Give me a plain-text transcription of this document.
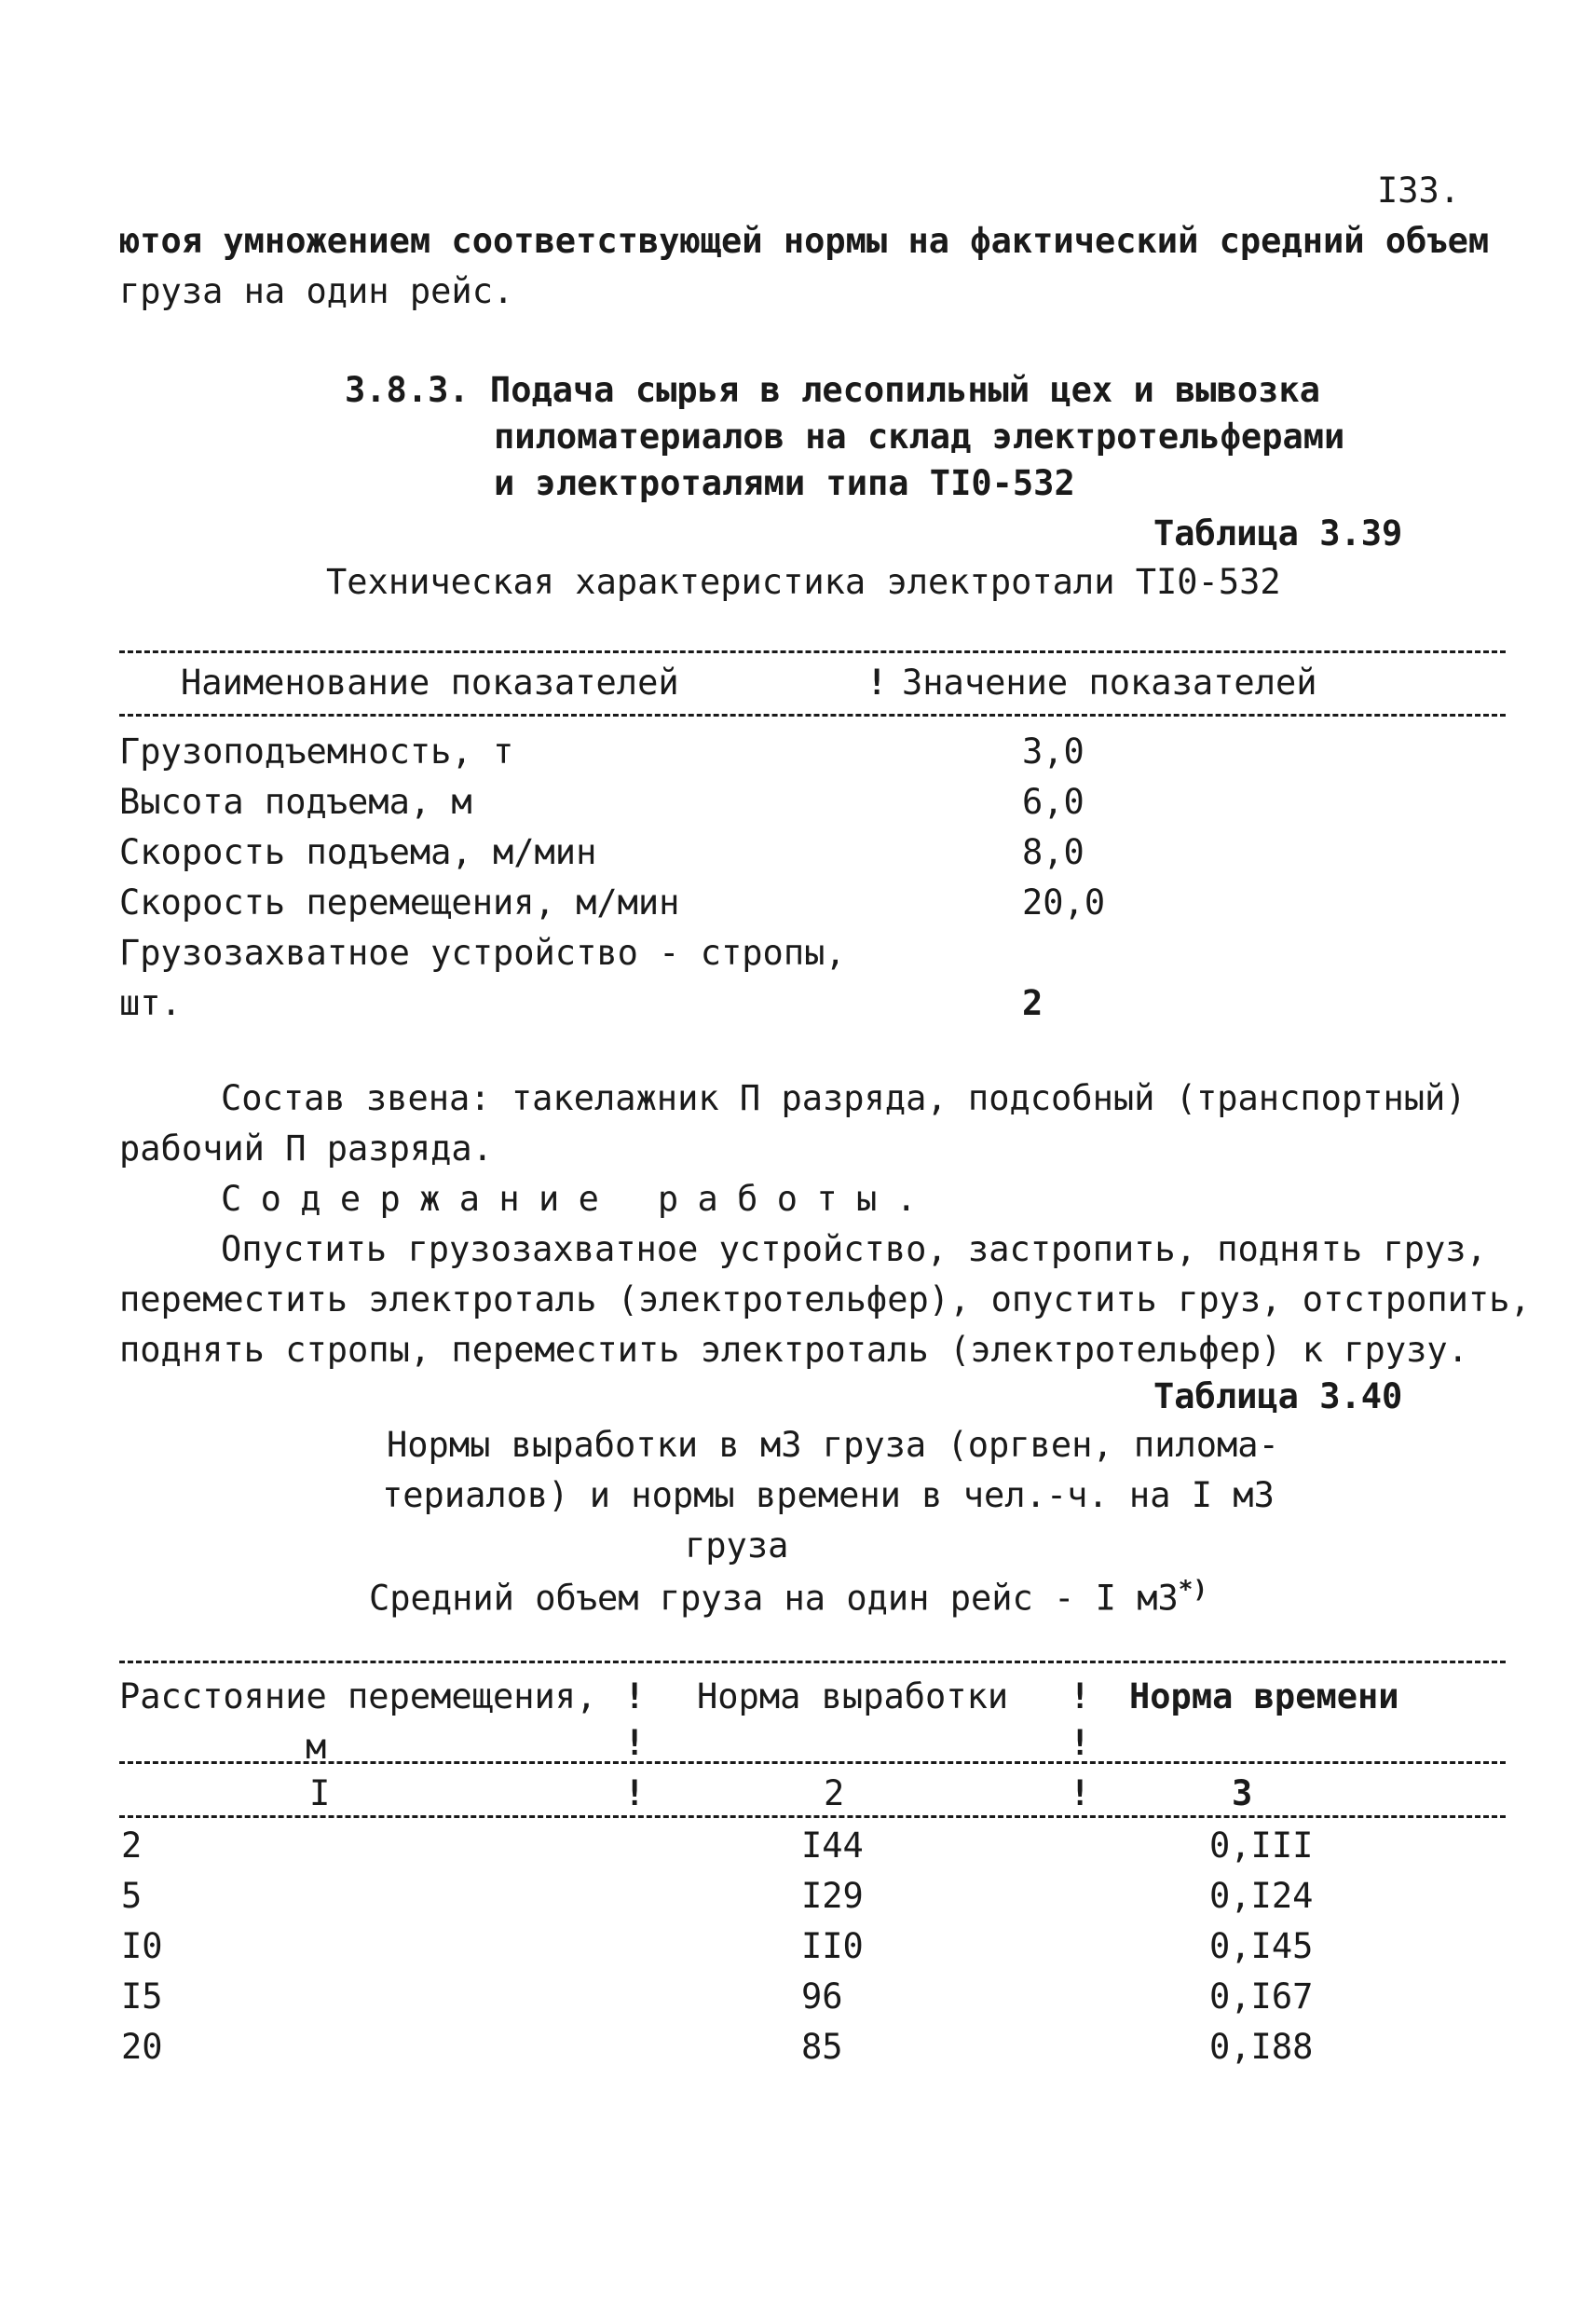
I33.
ютоя умножением соответствующей нормы на фактический средний объем
груза на один рейс.
3.8.3. Подача сырья в лесопильный цех и вывозка
пиломатериалов на склад электротельферами
и электроталями типа ТI0-532
Таблица 3.39
Техническая характеристика электротали ТI0-532
Наименование показателей	! Значение показателей
Грузоподъемность, т	3,0
Высота подъема, м	6,0
Скорость подъема, м/мин	8,0
Скорость перемещения, м/мин	20,0
Грузозахватное устройство - стропы,
шт.	2
Состав звена: такелажник П разряда, подсобный (транспортный)
рабочий П разряда.
Содержание работы.
Опустить грузозахватное устройство, застропить, поднять груз,
переместить электроталь (электротельфер), опустить груз, отстропить,
поднять стропы, переместить электроталь (электротельфер) к грузу.
Таблица 3.40
Нормы выработки в м3 груза (оргвен, пилома-
териалов) и нормы времени в чел.-ч. на I м3
груза
Средний объем груза на один рейс - I м3*)
Расстояние перемещения, ! Норма выработки ! Норма времени
м	!	!
I	!	2	!	3
2	I44	0,III
5	I29	0,I24
I0	II0	0,I45
I5	96	0,I67
20	85	0,I88
